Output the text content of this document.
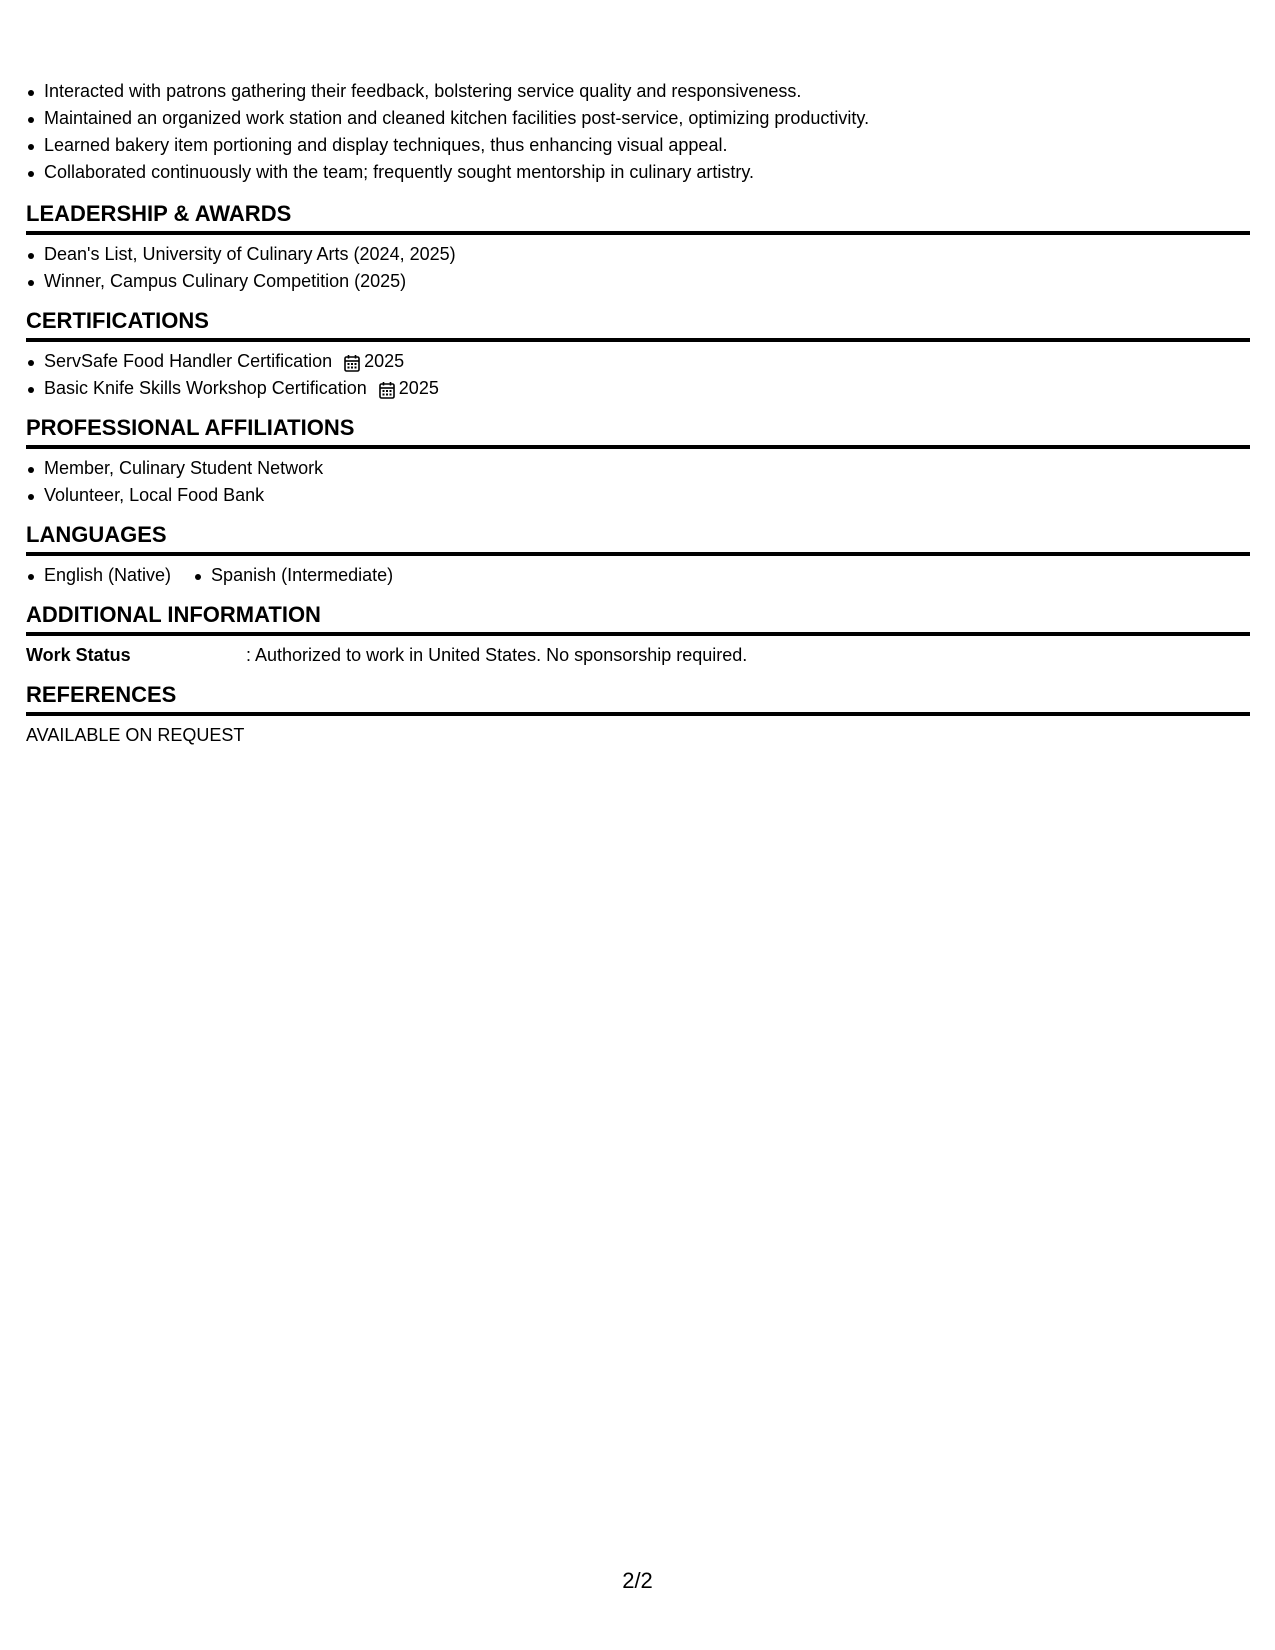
Interacted with patrons gathering their feedback, bolstering service quality and responsiveness.
Maintained an organized work station and cleaned kitchen facilities post-service, optimizing productivity.
Learned bakery item portioning and display techniques, thus enhancing visual appeal.
Collaborated continuously with the team; frequently sought mentorship in culinary artistry.
LEADERSHIP & AWARDS
Dean's List, University of Culinary Arts (2024, 2025)
Winner, Campus Culinary Competition (2025)
CERTIFICATIONS
ServSafe Food Handler Certification 2025
Basic Knife Skills Workshop Certification 2025
PROFESSIONAL AFFILIATIONS
Member, Culinary Student Network
Volunteer, Local Food Bank
LANGUAGES
English (Native)	Spanish (Intermediate)
ADDITIONAL INFORMATION
Work Status	: Authorized to work in United States. No sponsorship required.
REFERENCES
AVAILABLE ON REQUEST
2/2
